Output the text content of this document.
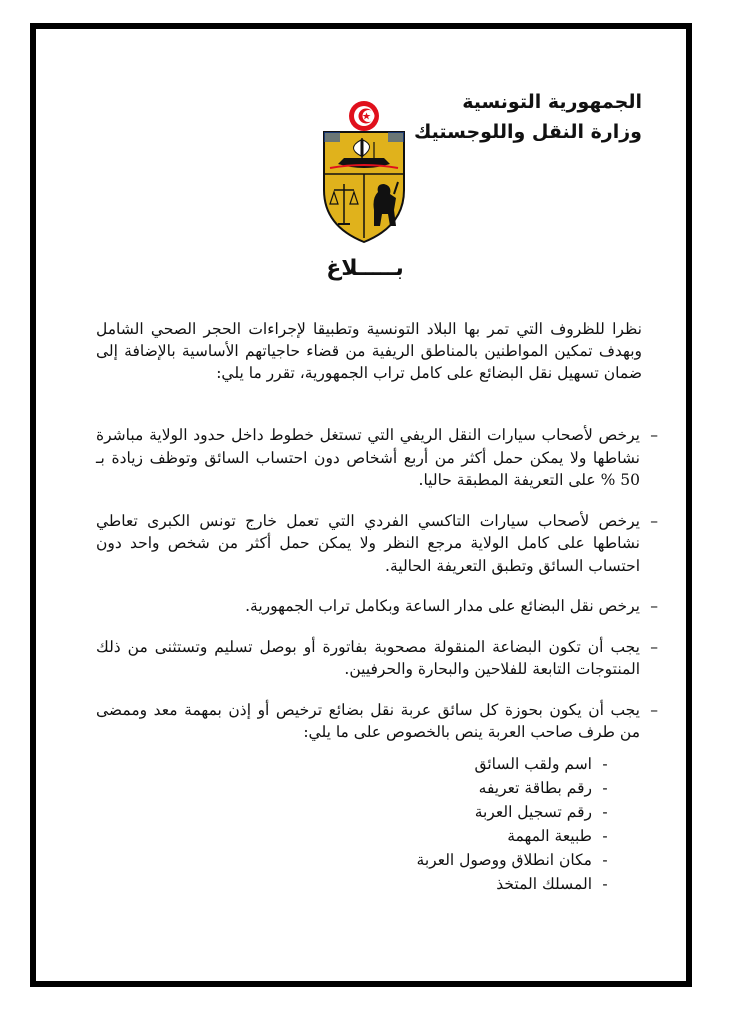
الجمهورية التونسية
وزارة النقل واللوجستيك
بـــــلاغ
نظرا للظروف التي تمر بها البلاد التونسية وتطبيقا لإجراءات الحجر الصحي الشامل وبهدف تمكين المواطنين بالمناطق الريفية من قضاء حاجياتهم الأساسية بالإضافة إلى ضمان تسهيل نقل البضائع على كامل تراب الجمهورية، تقرر ما يلي:
–
يرخص لأصحاب سيارات النقل الريفي التي تستغل خطوط داخل حدود الولاية مباشرة نشاطها ولا يمكن حمل أكثر من أربع أشخاص دون احتساب السائق وتوظف زيادة بـ 50 % على التعريفة المطبقة حاليا.
–
يرخص لأصحاب سيارات التاكسي الفردي التي تعمل خارج تونس الكبرى تعاطي نشاطها على كامل الولاية مرجع النظر ولا يمكن حمل أكثر من شخص واحد دون احتساب السائق وتطبق التعريفة الحالية.
–
يرخص نقل البضائع على مدار الساعة وبكامل تراب الجمهورية.
–
يجب أن تكون البضاعة المنقولة مصحوبة بفاتورة أو بوصل تسليم وتستثنى من ذلك المنتوجات التابعة للفلاحين والبحارة والحرفيين.
–
يجب أن يكون بحوزة كل سائق عربة نقل بضائع ترخيص أو إذن بمهمة معد وممضى من طرف صاحب العربة ينص بالخصوص على ما يلي:
-
اسم ولقب السائق
-
رقم بطاقة تعريفه
-
رقم تسجيل العربة
-
طبيعة المهمة
-
مكان انطلاق ووصول العربة
-
المسلك المتخذ
